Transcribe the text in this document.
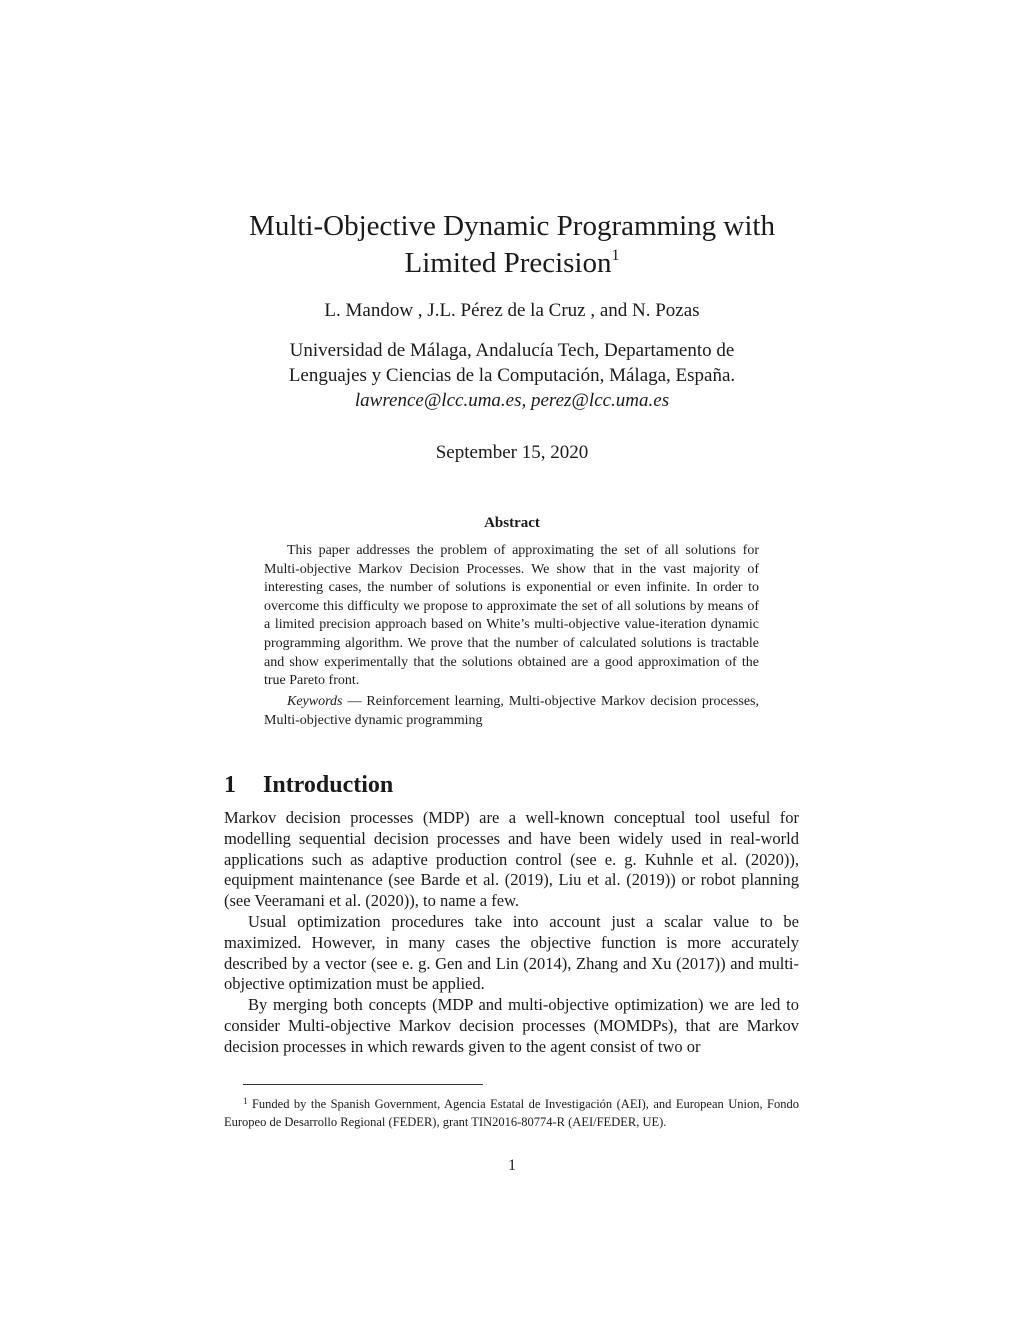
Multi-Objective Dynamic Programming with
Limited Precision$^1$
L. Mandow , J.L. Pérez de la Cruz , and N. Pozas
Universidad de Málaga, Andalucía Tech, Departamento de
Lenguajes y Ciencias de la Computación, Málaga, España.
lawrence@lcc.uma.es, perez@lcc.uma.es
September 15, 2020
Abstract
This paper addresses the problem of approximating the set of all solutions for Multi-objective Markov Decision Processes. We show that in the vast majority of interesting cases, the number of solutions is exponential or even infinite. In order to overcome this difficulty we propose to approximate the set of all solutions by means of a limited precision approach based on White’s multi-objective value-iteration dynamic programming algorithm. We prove that the number of calculated solutions is tractable and show experimentally that the solutions obtained are a good approximation of the true Pareto front.
Keywords — Reinforcement learning, Multi-objective Markov decision processes, Multi-objective dynamic programming
1 Introduction
Markov decision processes (MDP) are a well-known conceptual tool useful for modelling sequential decision processes and have been widely used in real-world applications such as adaptive production control (see e. g. Kuhnle et al. (2020)), equipment maintenance (see Barde et al. (2019), Liu et al. (2019)) or robot planning (see Veeramani et al. (2020)), to name a few.
Usual optimization procedures take into account just a scalar value to be maximized. However, in many cases the objective function is more accurately described by a vector (see e. g. Gen and Lin (2014), Zhang and Xu (2017)) and multi-objective optimization must be applied.
By merging both concepts (MDP and multi-objective optimization) we are led to consider Multi-objective Markov decision processes (MOMDPs), that are Markov decision processes in which rewards given to the agent consist of two or
$^1$ Funded by the Spanish Government, Agencia Estatal de Investigación (AEI), and European Union, Fondo Europeo de Desarrollo Regional (FEDER), grant TIN2016-80774-R (AEI/FEDER, UE).
1
